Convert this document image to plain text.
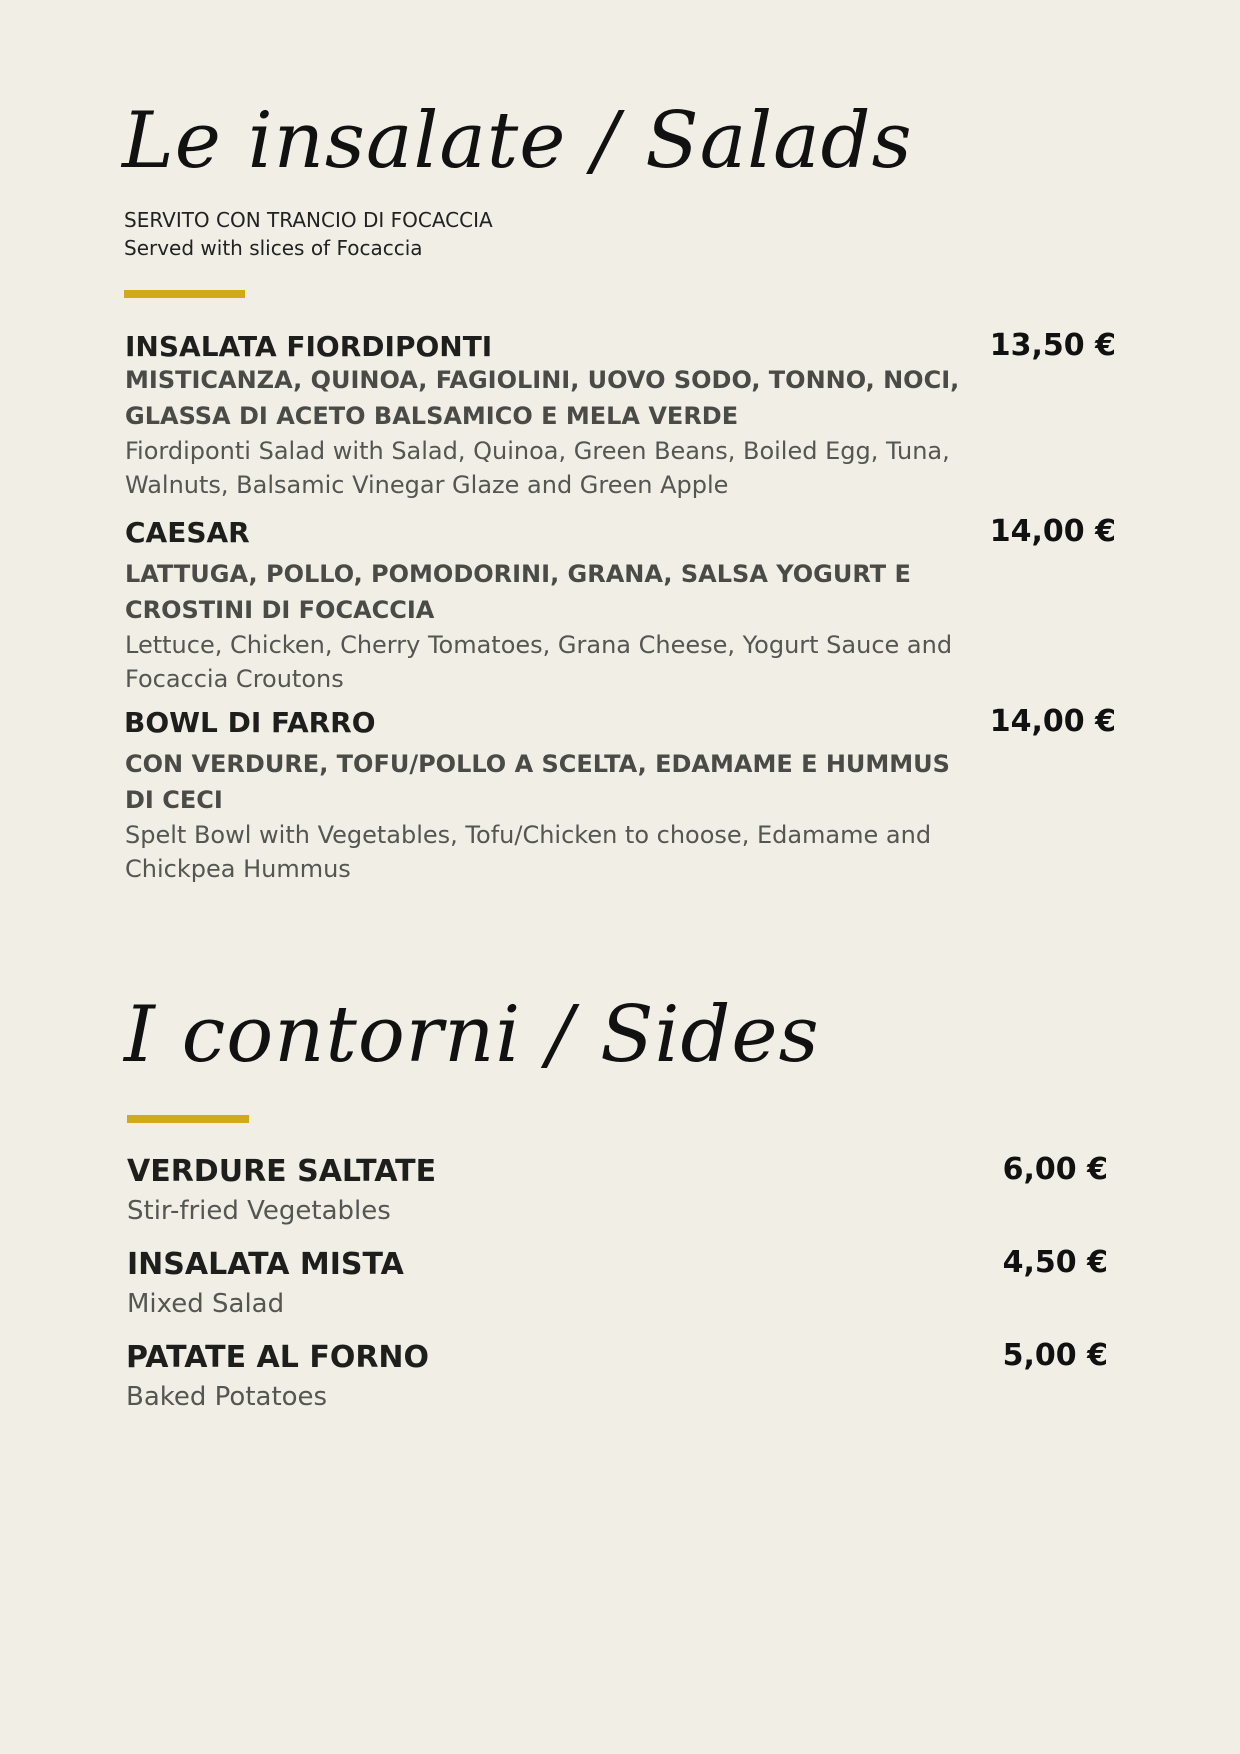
Le insalate / Salads
SERVITO CON TRANCIO DI FOCACCIA
Served with slices of Focaccia
INSALATA FIORDIPONTI	13,50 €
MISTICANZA, QUINOA, FAGIOLINI, UOVO SODO, TONNO, NOCI, GLASSA DI ACETO BALSAMICO E MELA VERDE
Fiordiponti Salad with Salad, Quinoa, Green Beans, Boiled Egg, Tuna, Walnuts, Balsamic Vinegar Glaze and Green Apple
CAESAR	14,00 €
LATTUGA, POLLO, POMODORINI, GRANA, SALSA YOGURT E CROSTINI DI FOCACCIA
Lettuce, Chicken, Cherry Tomatoes, Grana Cheese, Yogurt Sauce and Focaccia Croutons
BOWL DI FARRO	14,00 €
CON VERDURE, TOFU/POLLO A SCELTA, EDAMAME E HUMMUS DI CECI
Spelt Bowl with Vegetables, Tofu/Chicken to choose, Edamame and Chickpea Hummus
I contorni / Sides
VERDURE SALTATE	6,00 €
Stir-fried Vegetables
INSALATA MISTA	4,50 €
Mixed Salad
PATATE AL FORNO	5,00 €
Baked Potatoes
